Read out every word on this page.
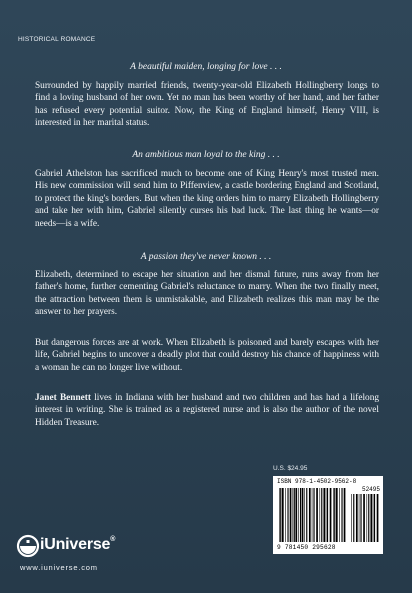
HISTORICAL ROMANCE
A beautiful maiden, longing for love . . .

Surrounded by happily married friends, twenty-year-old Elizabeth Hollingberry longs to find a loving husband of her own. Yet no man has been worthy of her hand, and her father has refused every potential suitor. Now, the King of England himself, Henry VIII, is interested in her marital status.

An ambitious man loyal to the king . . .

Gabriel Athelston has sacrificed much to become one of King Henry's most trusted men. His new commission will send him to Piffenview, a castle bordering England and Scotland, to protect the king's borders. But when the king orders him to marry Elizabeth Hollingberry and take her with him, Gabriel silently curses his bad luck. The last thing he wants—or needs—is a wife.

A passion they've never known . . .

Elizabeth, determined to escape her situation and her dismal future, runs away from her father's home, further cementing Gabriel's reluctance to marry. When the two finally meet, the attraction between them is unmistakable, and Elizabeth realizes this man may be the answer to her prayers.

But dangerous forces are at work. When Elizabeth is poisoned and barely escapes with her life, Gabriel begins to uncover a deadly plot that could destroy his chance of happiness with a woman he can no longer live without.

Janet Bennett lives in Indiana with her husband and two children and has had a lifelong interest in writing. She is trained as a registered nurse and is also the author of the novel Hidden Treasure.

U.S. $24.95
ISBN 978-1-4502-9562-8
52495
9 781450 295628
iUniverse®
www.iuniverse.com
